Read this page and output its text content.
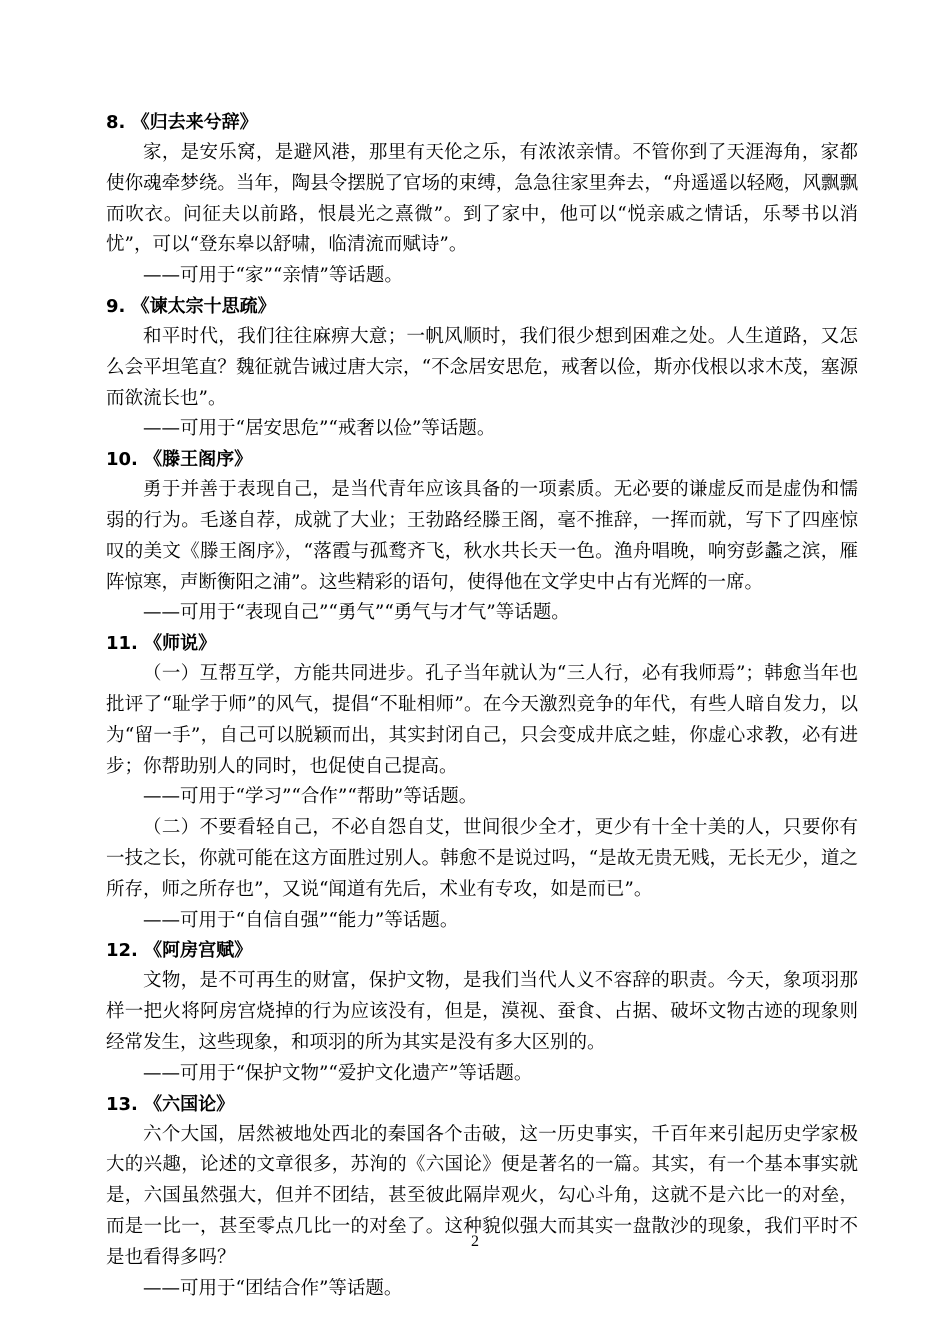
8. 《归去来兮辞》
家，是安乐窝，是避风港，那里有天伦之乐，有浓浓亲情。不管你到了天涯海角，家都使你魂牵梦绕。当年，陶县令摆脱了官场的束缚，急急往家里奔去，“舟遥遥以轻飏，风飘飘而吹衣。问征夫以前路，恨晨光之熹微”。到了家中，他可以“悦亲戚之情话，乐琴书以消忧”，可以“登东皋以舒啸，临清流而赋诗”。
——可用于“家”“亲情”等话题。
9. 《谏太宗十思疏》
和平时代，我们往往麻痹大意；一帆风顺时，我们很少想到困难之处。人生道路，又怎么会平坦笔直？魏征就告诫过唐大宗，“不念居安思危，戒奢以俭，斯亦伐根以求木茂，塞源而欲流长也”。
——可用于“居安思危”“戒奢以俭”等话题。
10. 《滕王阁序》
勇于并善于表现自己，是当代青年应该具备的一项素质。无必要的谦虚反而是虚伪和懦弱的行为。毛遂自荐，成就了大业；王勃路经滕王阁，毫不推辞，一挥而就，写下了四座惊叹的美文《滕王阁序》，“落霞与孤鹜齐飞，秋水共长天一色。渔舟唱晚，响穷彭蠡之滨，雁阵惊寒，声断衡阳之浦”。这些精彩的语句，使得他在文学史中占有光辉的一席。
——可用于“表现自己”“勇气”“勇气与才气”等话题。
11. 《师说》
（一）互帮互学，方能共同进步。孔子当年就认为“三人行，必有我师焉”；韩愈当年也批评了“耻学于师”的风气，提倡“不耻相师”。在今天激烈竞争的年代，有些人暗自发力，以为“留一手”，自己可以脱颖而出，其实封闭自己，只会变成井底之蛙，你虚心求教，必有进步；你帮助别人的同时，也促使自己提高。
——可用于“学习”“合作”“帮助”等话题。
（二）不要看轻自己，不必自怨自艾，世间很少全才，更少有十全十美的人，只要你有一技之长，你就可能在这方面胜过别人。韩愈不是说过吗，“是故无贵无贱，无长无少，道之所存，师之所存也”，又说“闻道有先后，术业有专攻，如是而已”。
——可用于“自信自强”“能力”等话题。
12. 《阿房宫赋》
文物，是不可再生的财富，保护文物，是我们当代人义不容辞的职责。今天，象项羽那样一把火将阿房宫烧掉的行为应该没有，但是，漠视、蚕食、占据、破坏文物古迹的现象则经常发生，这些现象，和项羽的所为其实是没有多大区别的。
——可用于“保护文物”“爱护文化遗产”等话题。
13. 《六国论》
六个大国，居然被地处西北的秦国各个击破，这一历史事实，千百年来引起历史学家极大的兴趣，论述的文章很多，苏洵的《六国论》便是著名的一篇。其实，有一个基本事实就是，六国虽然强大，但并不团结，甚至彼此隔岸观火，勾心斗角，这就不是六比一的对垒，而是一比一，甚至零点几比一的对垒了。这种貌似强大而其实一盘散沙的现象，我们平时不是也看得多吗？
——可用于“团结合作”等话题。
2
